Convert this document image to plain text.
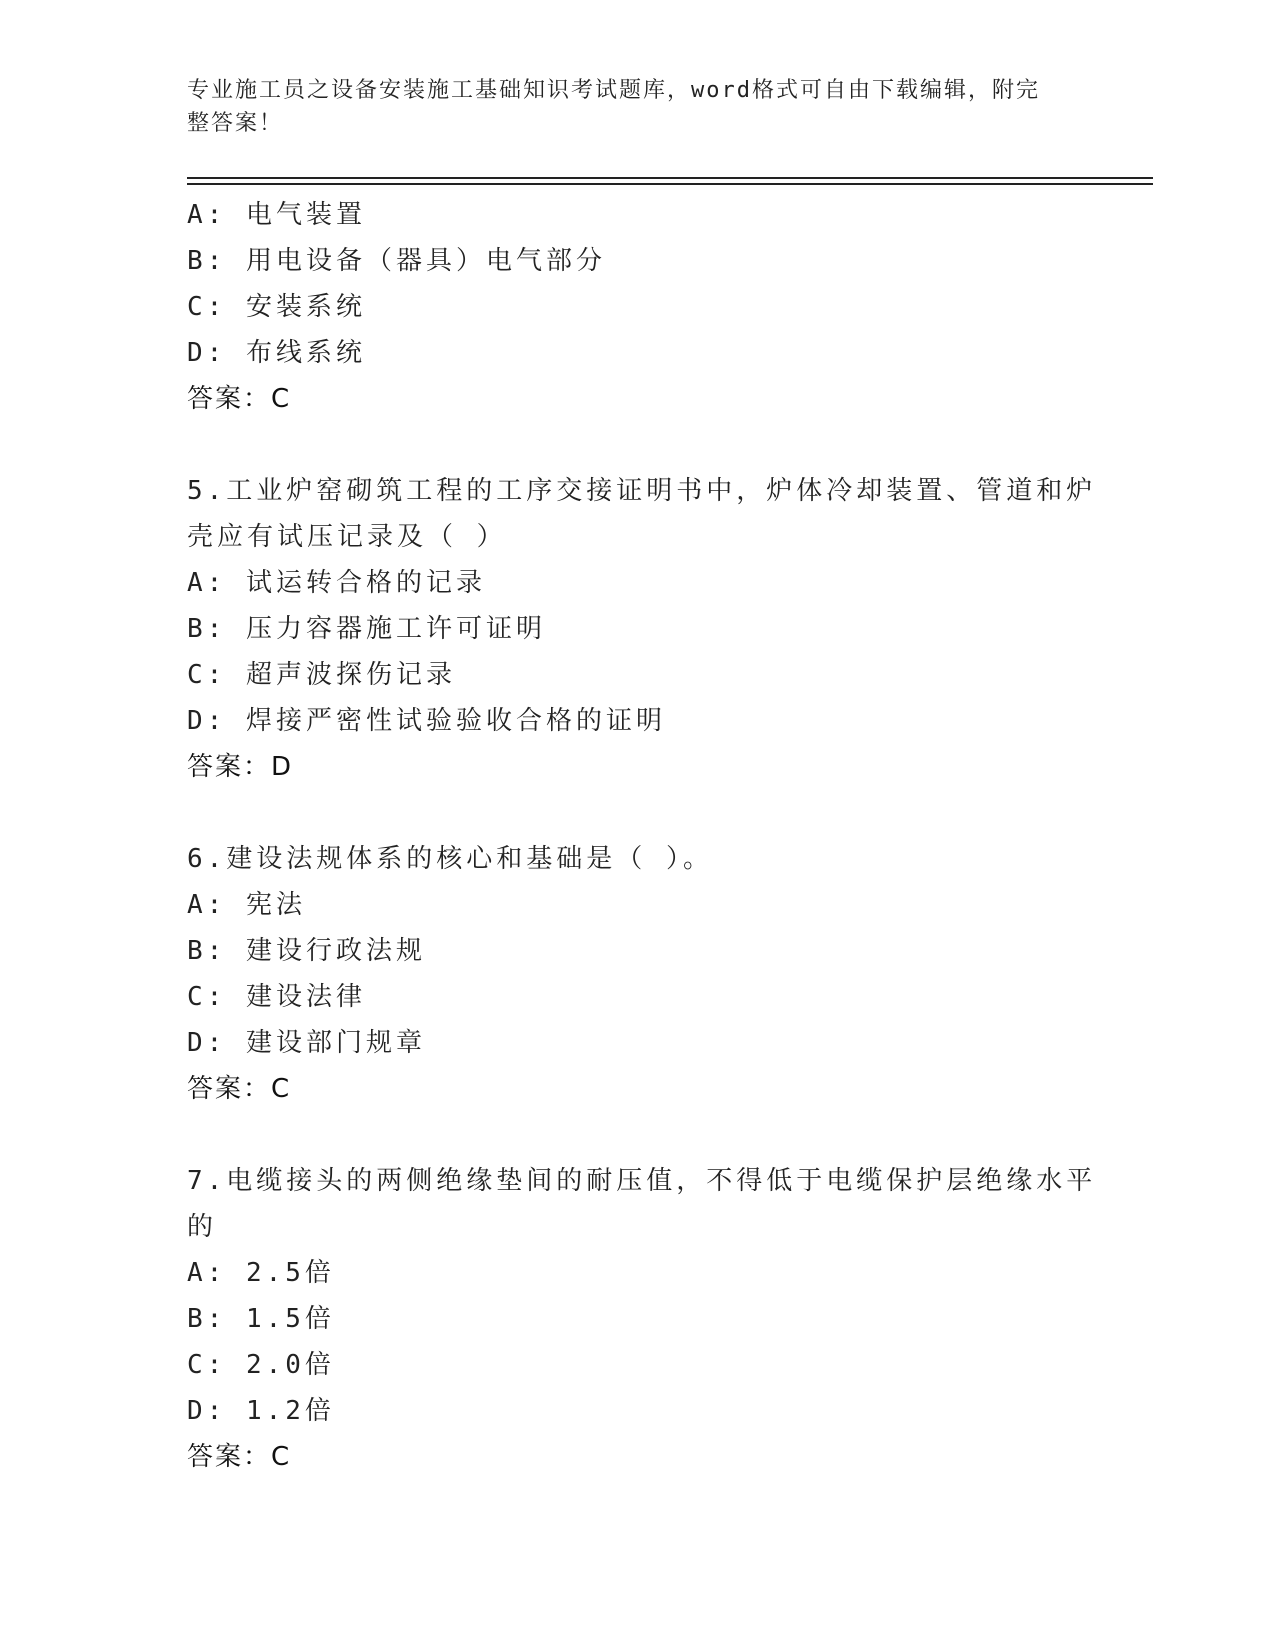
专业施工员之设备安装施工基础知识考试题库，word格式可自由下载编辑，附完
整答案！
A: 电气装置
B: 用电设备（器具）电气部分
C: 安装系统
D: 布线系统
答案：C
5.工业炉窑砌筑工程的工序交接证明书中，炉体冷却装置、管道和炉
壳应有试压记录及（ ）
A: 试运转合格的记录
B: 压力容器施工许可证明
C: 超声波探伤记录
D: 焊接严密性试验验收合格的证明
答案：D
6.建设法规体系的核心和基础是（ ）。
A: 宪法
B: 建设行政法规
C: 建设法律
D: 建设部门规章
答案：C
7.电缆接头的两侧绝缘垫间的耐压值，不得低于电缆保护层绝缘水平
的
A: 2.5倍
B: 1.5倍
C: 2.0倍
D: 1.2倍
答案：C
